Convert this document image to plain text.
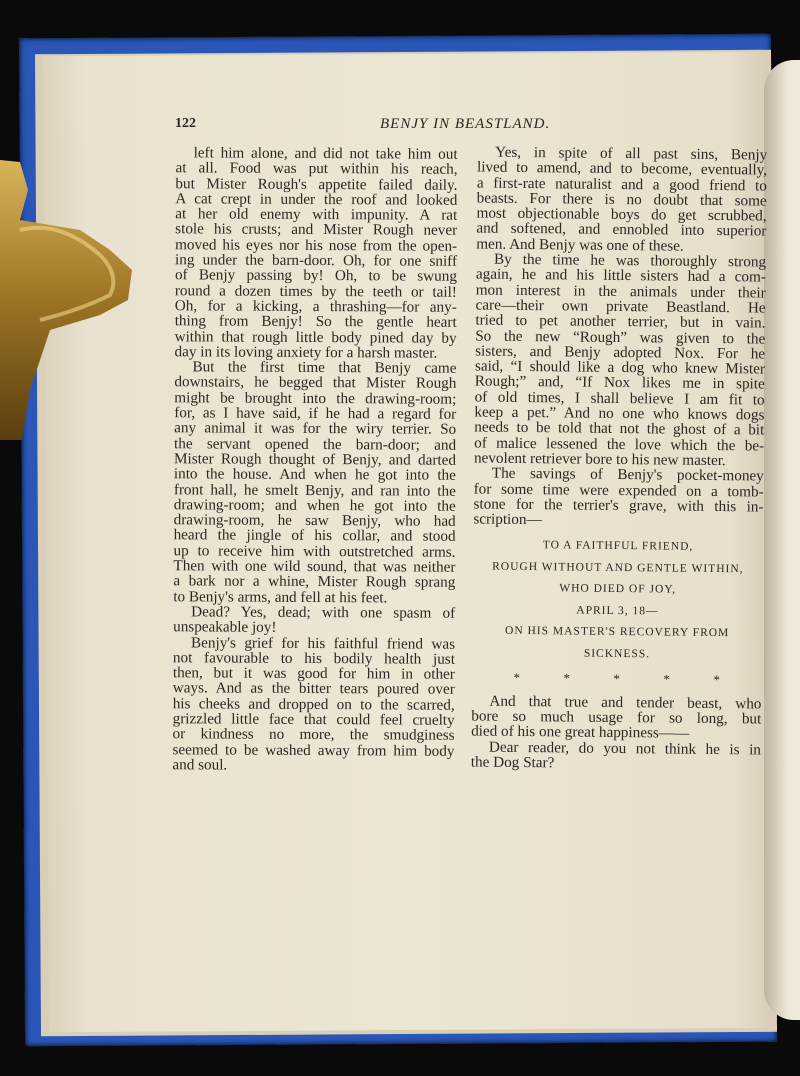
122	BENJY IN BEASTLAND.
left him alone, and did not take him out
at all. Food was put within his reach,
but Mister Rough's appetite failed daily.
A cat crept in under the roof and looked
at her old enemy with impunity. A rat
stole his crusts; and Mister Rough never
moved his eyes nor his nose from the open-
ing under the barn-door. Oh, for one sniff
of Benjy passing by! Oh, to be swung
round a dozen times by the teeth or tail!
Oh, for a kicking, a thrashing—for any-
thing from Benjy! So the gentle heart
within that rough little body pined day by
day in its loving anxiety for a harsh master.
But the first time that Benjy came
downstairs, he begged that Mister Rough
might be brought into the drawing-room;
for, as I have said, if he had a regard for
any animal it was for the wiry terrier. So
the servant opened the barn-door; and
Mister Rough thought of Benjy, and darted
into the house. And when he got into the
front hall, he smelt Benjy, and ran into the
drawing-room; and when he got into the
drawing-room, he saw Benjy, who had
heard the jingle of his collar, and stood
up to receive him with outstretched arms.
Then with one wild sound, that was neither
a bark nor a whine, Mister Rough sprang
to Benjy's arms, and fell at his feet.
Dead? Yes, dead; with one spasm of
unspeakable joy!
Benjy's grief for his faithful friend was
not favourable to his bodily health just
then, but it was good for him in other
ways. And as the bitter tears poured over
his cheeks and dropped on to the scarred,
grizzled little face that could feel cruelty
or kindness no more, the smudginess
seemed to be washed away from him body
and soul.
Yes, in spite of all past sins, Benjy
lived to amend, and to become, eventually,
a first-rate naturalist and a good friend to
beasts. For there is no doubt that some
most objectionable boys do get scrubbed,
and softened, and ennobled into superior
men. And Benjy was one of these.
By the time he was thoroughly strong
again, he and his little sisters had a com-
mon interest in the animals under their
care—their own private Beastland. He
tried to pet another terrier, but in vain.
So the new “Rough” was given to the
sisters, and Benjy adopted Nox. For he
said, “I should like a dog who knew Mister
Rough;” and, “If Nox likes me in spite
of old times, I shall believe I am fit to
keep a pet.” And no one who knows dogs
needs to be told that not the ghost of a bit
of malice lessened the love which the be-
nevolent retriever bore to his new master.
The savings of Benjy's pocket-money
for some time were expended on a tomb-
stone for the terrier's grave, with this in-
scription—
TO A FAITHFUL FRIEND,
ROUGH WITHOUT AND GENTLE WITHIN,
WHO DIED OF JOY,
APRIL 3, 18—
ON HIS MASTER'S RECOVERY FROM
SICKNESS.
*	*	*	*	*
And that true and tender beast, who
bore so much usage for so long, but
died of his one great happiness——
Dear reader, do you not think he is in
the Dog Star?
